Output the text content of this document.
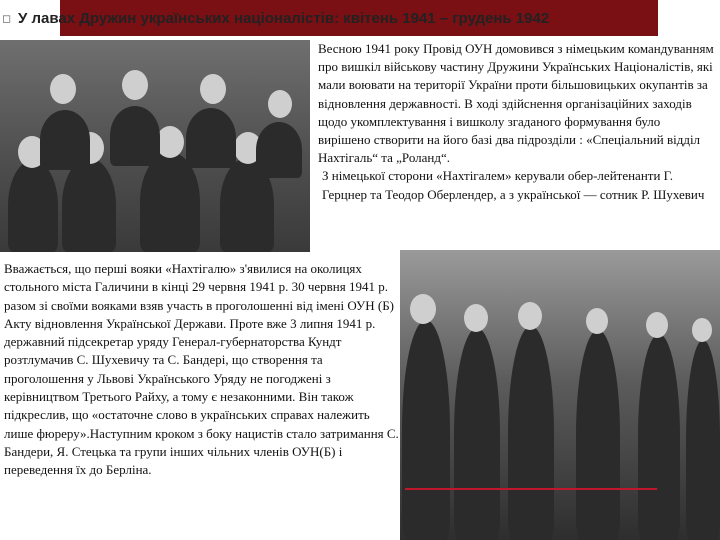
◻ У лавах Дружин українських націоналістів: квітень 1941 – грудень 1942
Весною 1941 року Провід ОУН домовився з німецьким командуванням про вишкіл військову частину Дружини Українських Націоналістів, які мали воювати на території України проти більшовицьких окупантів за відновлення державності. В ході здійснення організаційних заходів щодо укомплектування і вишколу згаданого формування було вирішено створити на його базі два підрозділи : «Спеціальний відділ Нахтігаль“ та „Роланд“.
З німецької сторони «Нахтігалем» керували обер-лейтенанти Г. Герцнер та Теодор Оберлендер, а з української — сотник Р. Шухевич
Вважається, що перші вояки «Нахтігалю» з'явилися на околицях стольного міста Галичини в кінці 29 червня 1941 р. 30 червня 1941 р. разом зі своїми вояками взяв участь в проголошенні від імені ОУН (Б) Акту відновлення Української Держави. Проте вже 3 липня 1941 р. державний підсекретар уряду Генерал-губернаторства Кундт розтлумачив С. Шухевичу та С. Бандері, що створення та проголошення у Львові Українського Уряду не погоджені з керівництвом Третього Райху, а тому є незаконними. Він також підкреслив, що «остаточне слово в українських справах належить лише фюреру».Наступним кроком з боку нацистів стало затримання С. Бандери, Я. Стецька та групи інших чільних членів ОУН(Б) і переведення їх до Берліна.
